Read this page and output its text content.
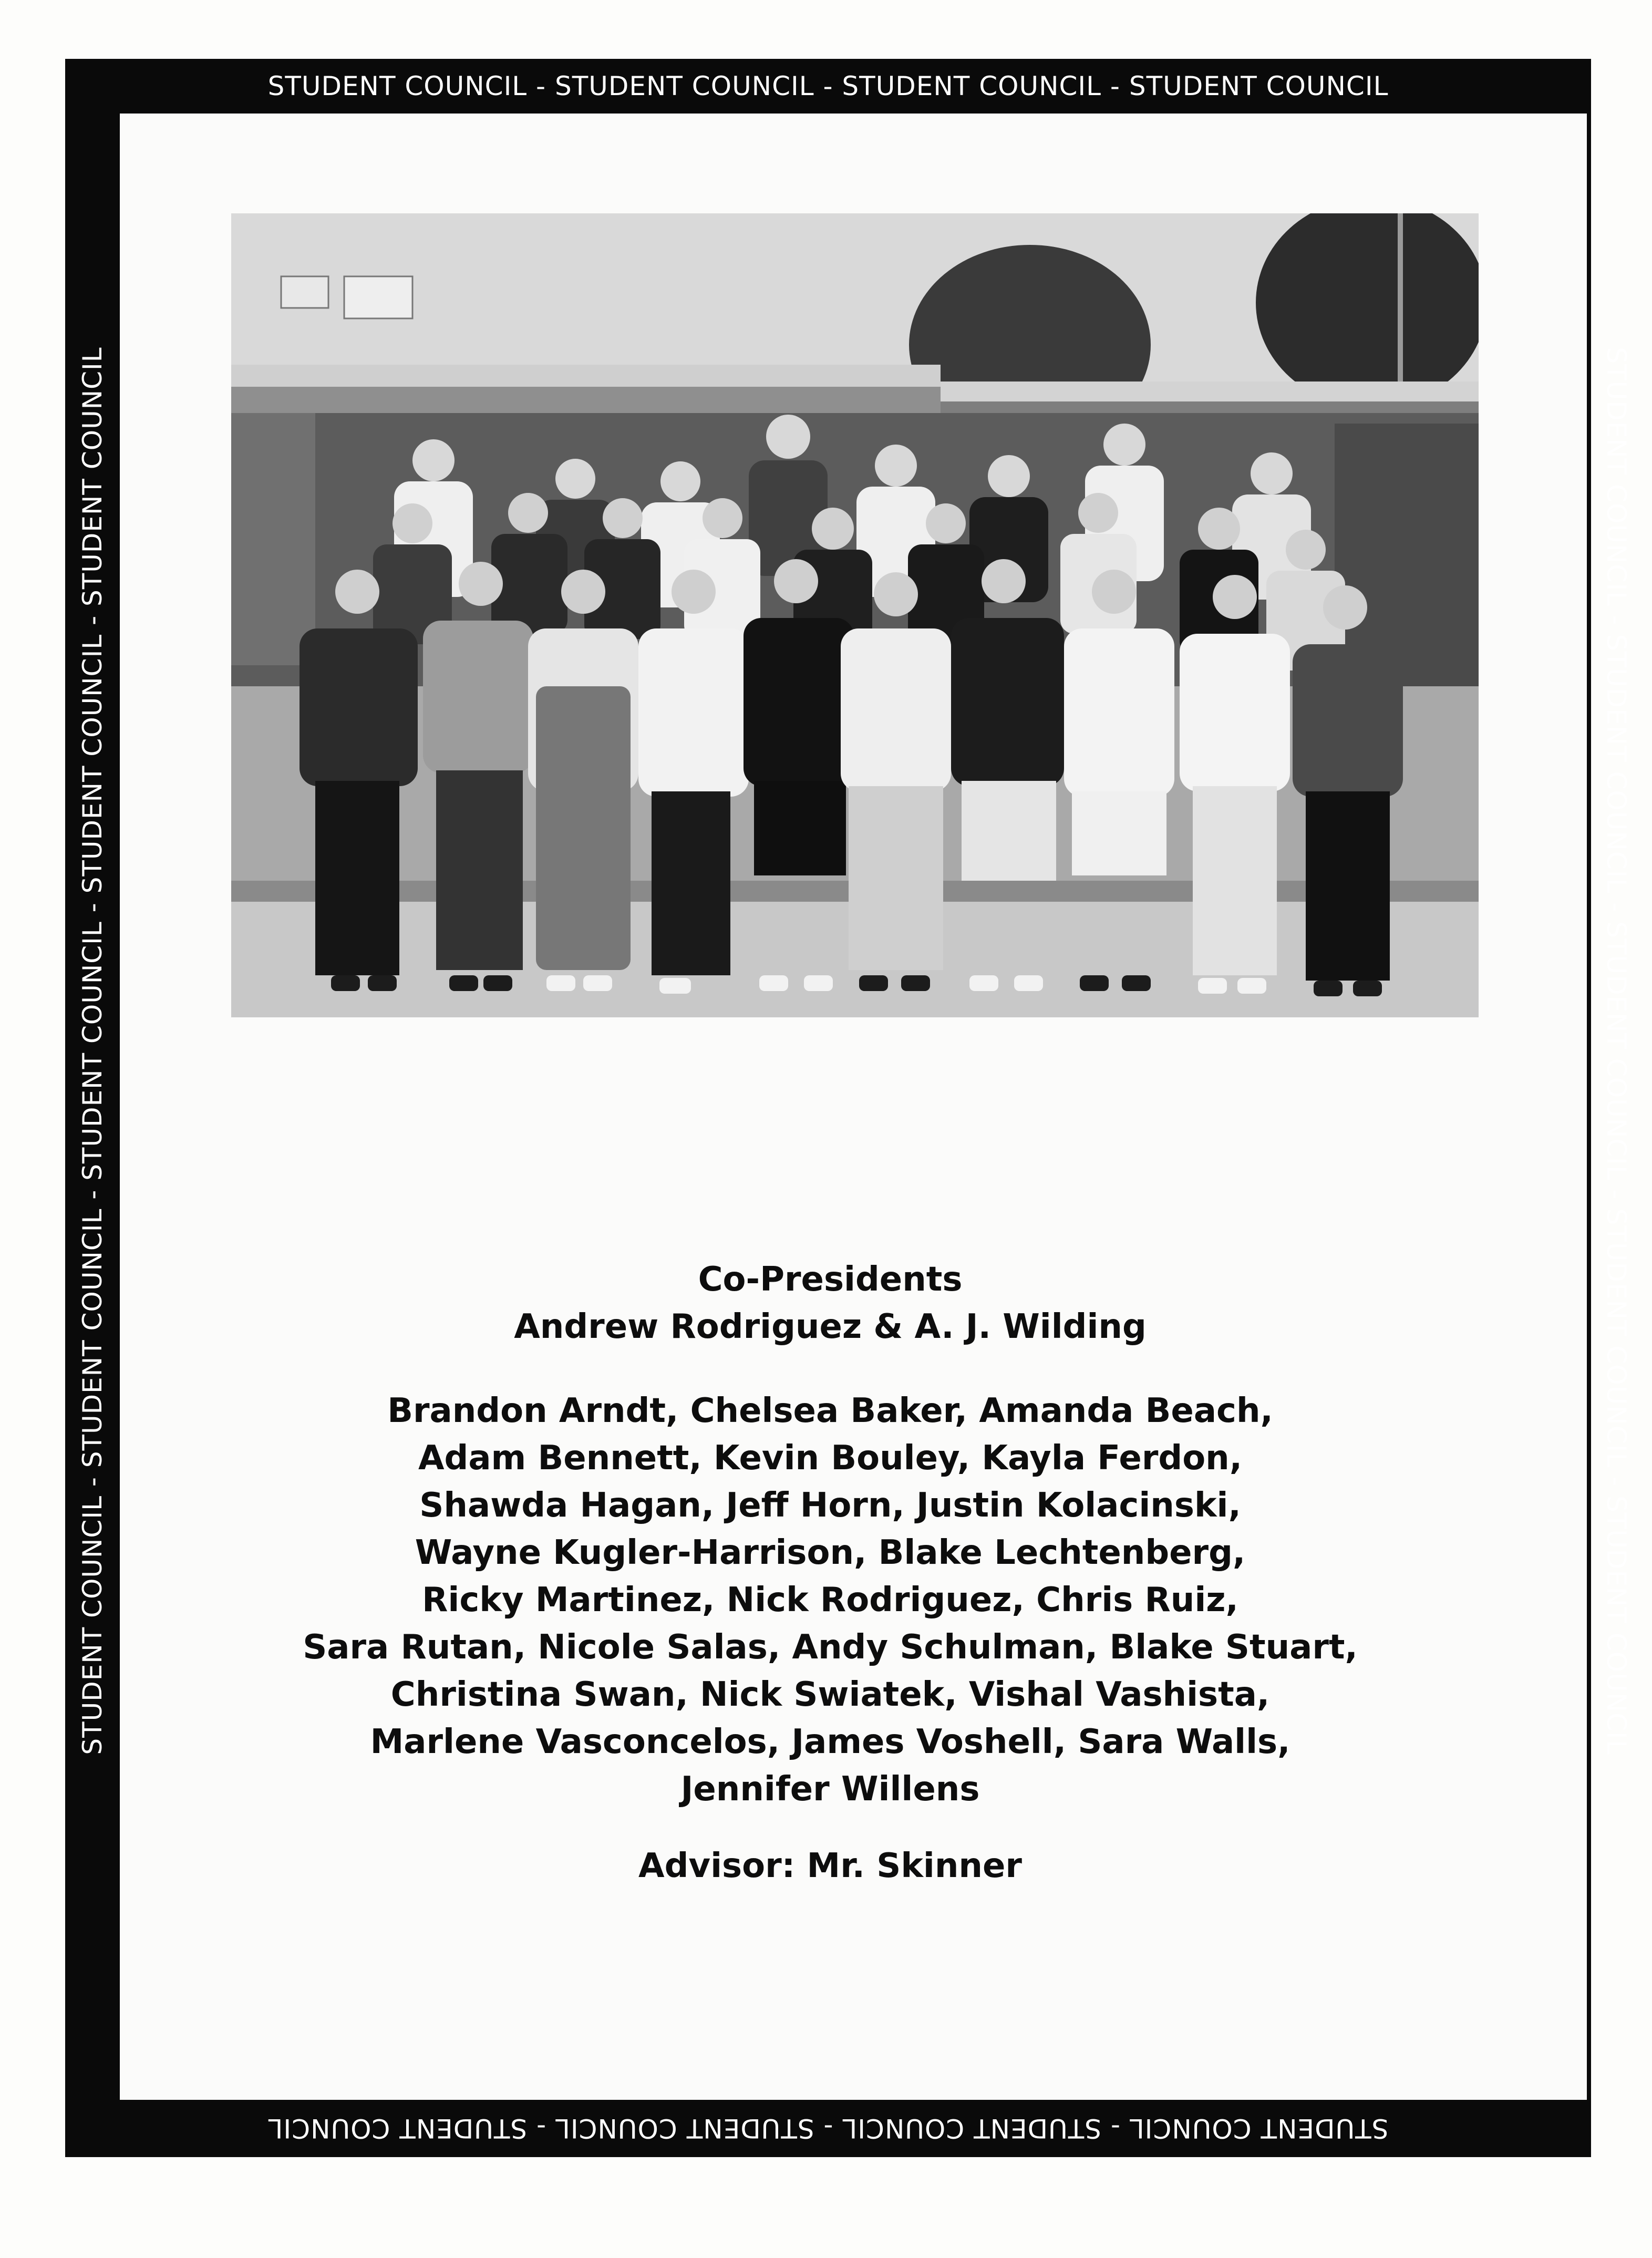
STUDENT COUNCIL - STUDENT COUNCIL - STUDENT COUNCIL - STUDENT COUNCIL
STUDENT COUNCIL - STUDENT COUNCIL - STUDENT COUNCIL - STUDENT COUNCIL
STUDENT COUNCIL - STUDENT COUNCIL - STUDENT COUNCIL - STUDENT COUNCIL - STUDENT COUNCIL	STUDENT COUNCIL - STUDENT COUNCIL - STUDENT COUNCIL - STUDENT COUNCIL - STUDENT COUNCIL
Co-Presidents
Andrew Rodriguez & A. J. Wilding
Brandon Arndt, Chelsea Baker, Amanda Beach,
Adam Bennett, Kevin Bouley, Kayla Ferdon,
Shawda Hagan, Jeff Horn, Justin Kolacinski,
Wayne Kugler-Harrison, Blake Lechtenberg,
Ricky Martinez, Nick Rodriguez, Chris Ruiz,
Sara Rutan, Nicole Salas, Andy Schulman, Blake Stuart,
Christina Swan, Nick Swiatek, Vishal Vashista,
Marlene Vasconcelos, James Voshell, Sara Walls,
Jennifer Willens
Advisor: Mr. Skinner
